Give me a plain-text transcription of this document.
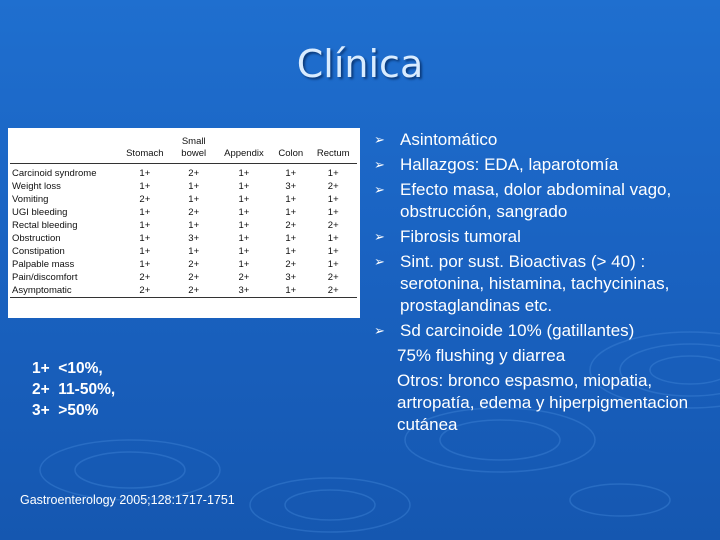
Clínica
	Stomach	Small bowel	Appendix	Colon	Rectum
Carcinoid syndrome	1+	2+	1+	1+	1+
Weight loss	1+	1+	1+	3+	2+
Vomiting	2+	1+	1+	1+	1+
UGI bleeding	1+	2+	1+	1+	1+
Rectal bleeding	1+	1+	1+	2+	2+
Obstruction	1+	3+	1+	1+	1+
Constipation	1+	1+	1+	1+	1+
Palpable mass	1+	2+	1+	2+	1+
Pain/discomfort	2+	2+	2+	3+	2+
Asymptomatic	2+	2+	3+	1+	2+
1+  <10%,
2+  11-50%,
3+  >50%
Gastroenterology 2005;128:1717-1751
➢ Asintomático
➢ Hallazgos: EDA, laparotomía
➢ Efecto masa, dolor abdominal vago, obstrucción, sangrado
➢ Fibrosis tumoral
➢ Sint. por sust. Bioactivas (> 40) : serotonina, histamina, tachycininas, prostaglandinas etc.
➢ Sd carcinoide 10% (gatillantes)
75% flushing y diarrea
Otros: bronco espasmo, miopatia, artropatía, edema y hiperpigmentacion cutánea
